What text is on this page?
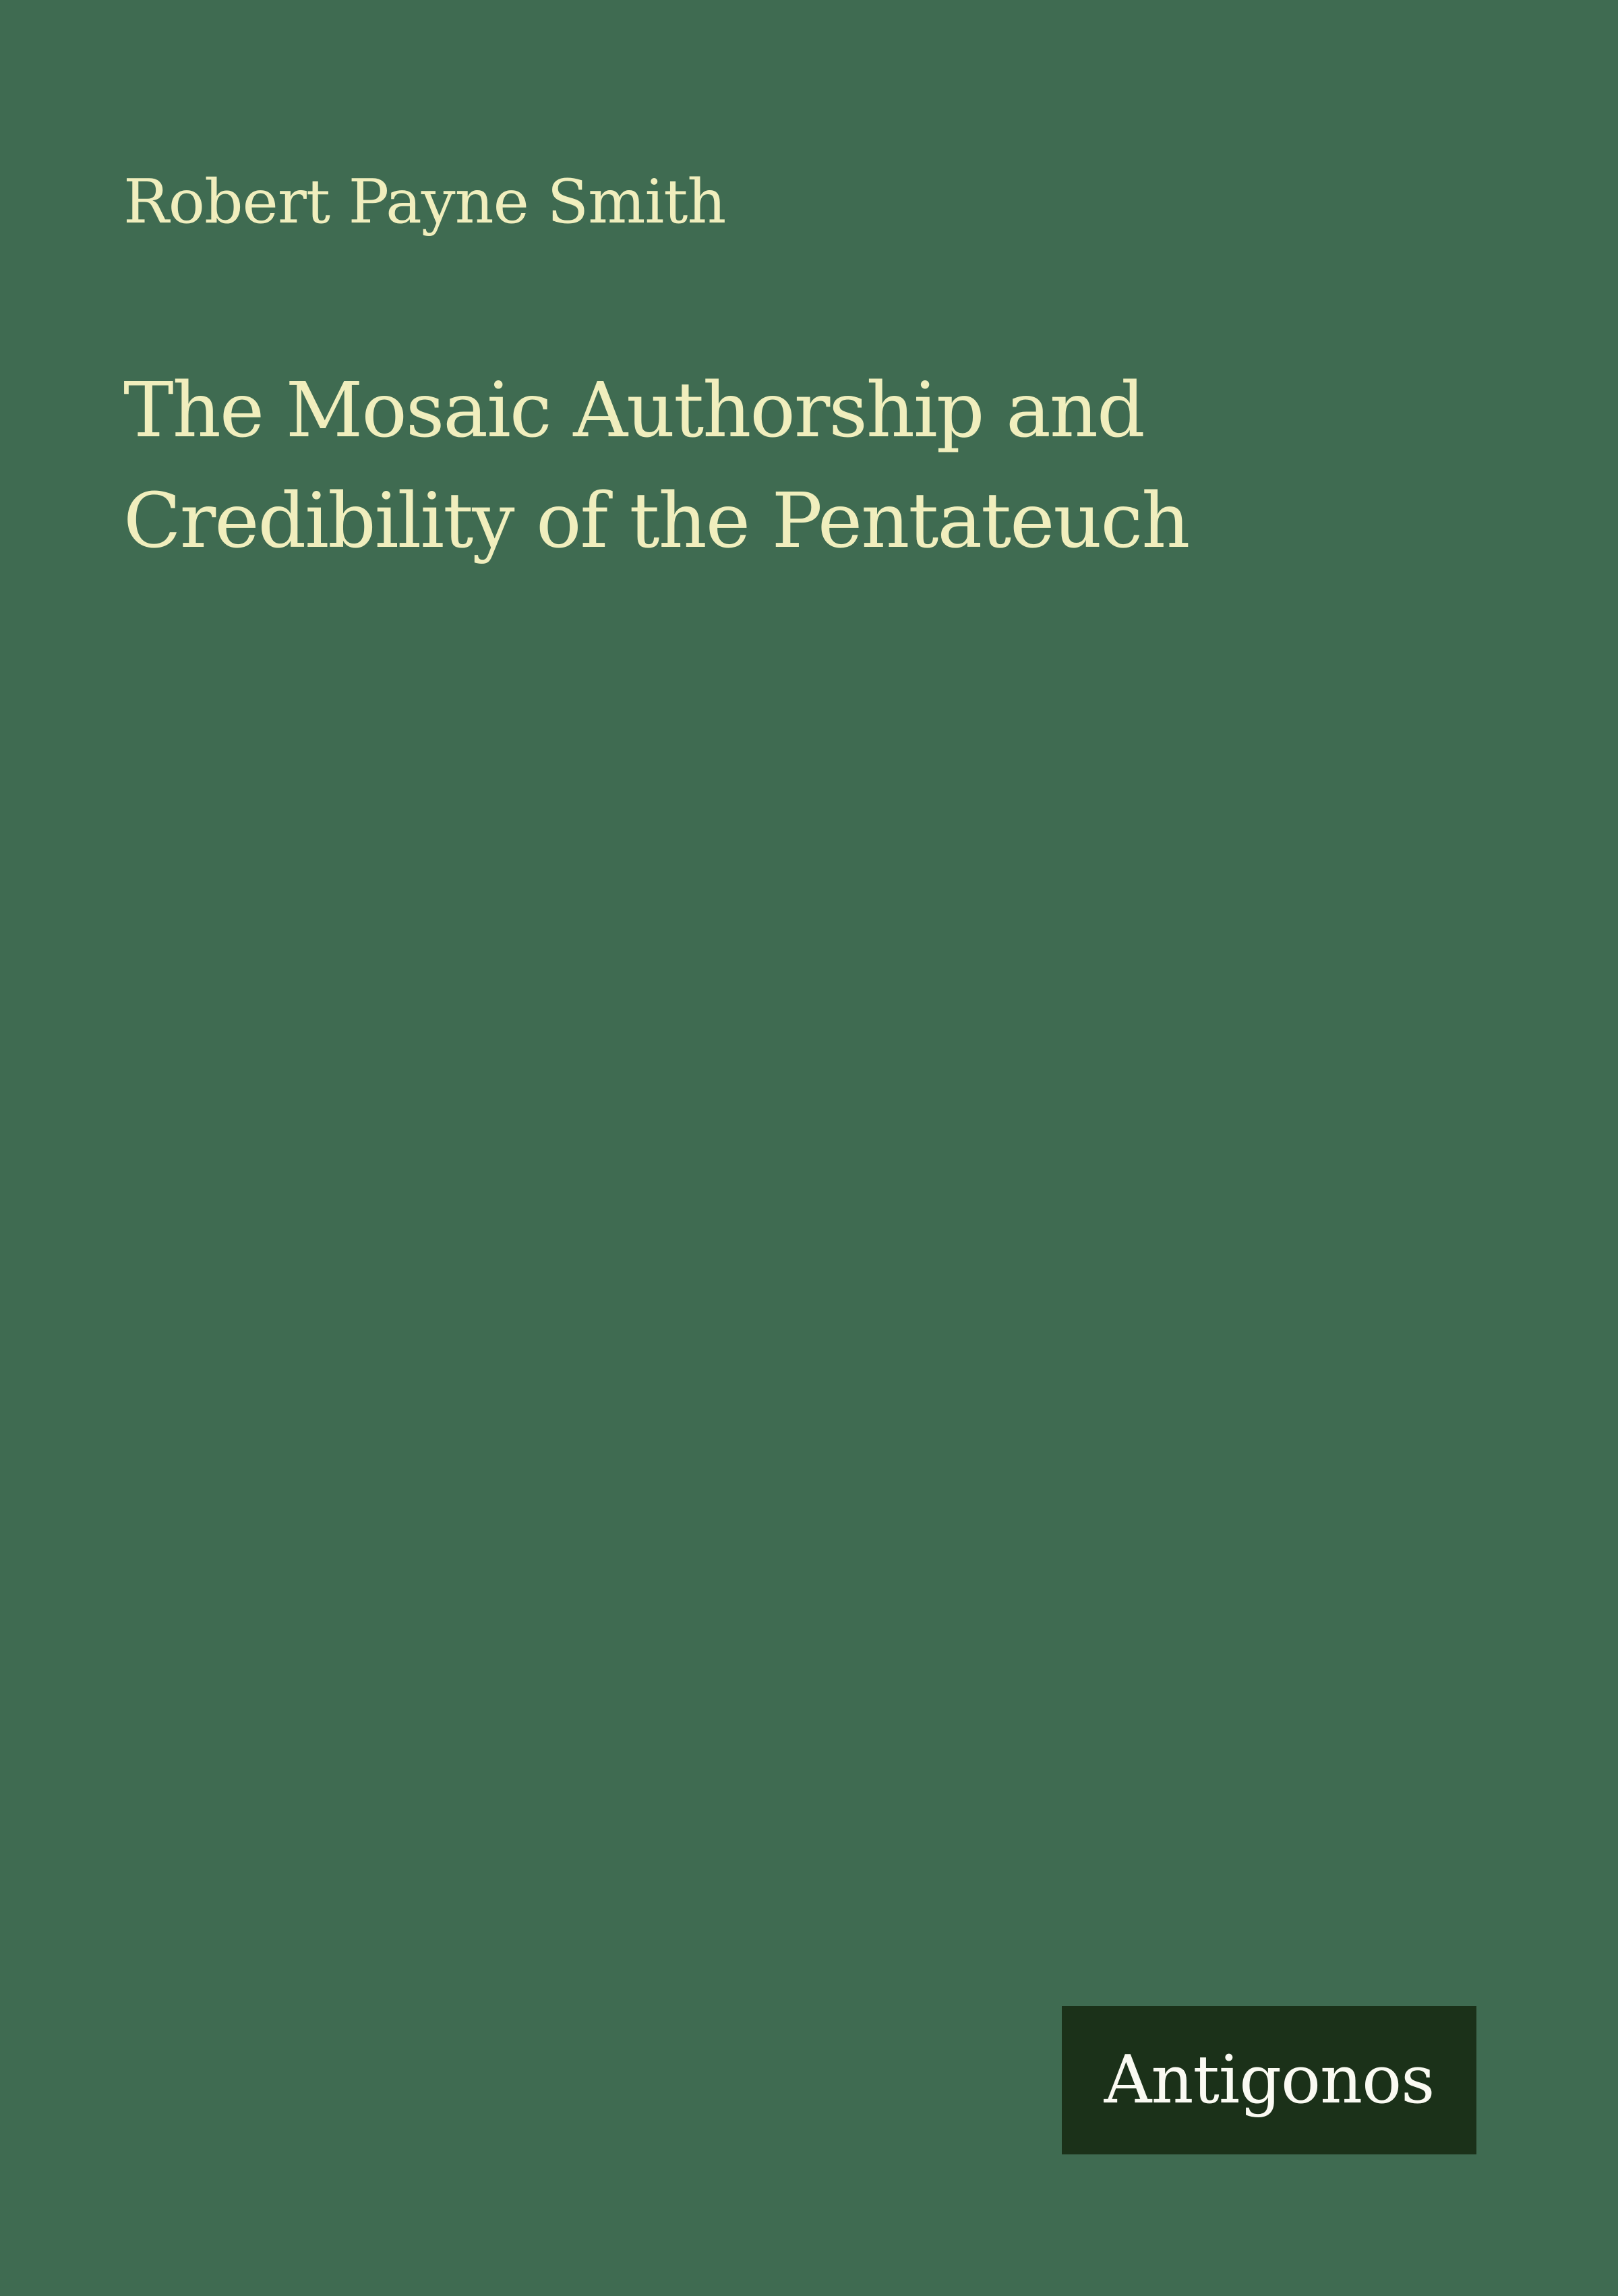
Robert Payne Smith
The Mosaic Authorship and
Credibility of the Pentateuch
Antigonos
